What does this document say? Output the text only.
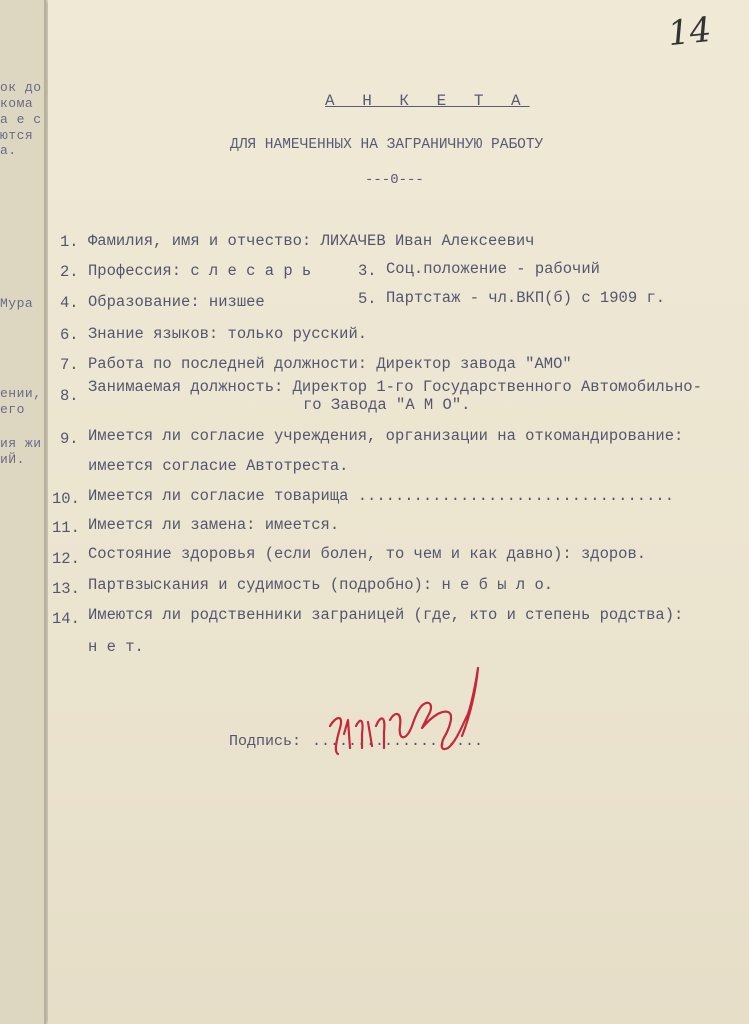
ок до
кома
а е с
ются
а.
Мура
ении,
его
ия жи
иЙ.
14
А Н К Е Т А
ДЛЯ НАМЕЧЕННЫХ НА ЗАГРАНИЧНУЮ РАБОТУ
---0---
1. Фамилия, имя и отчество: ЛИХАЧЕВ Иван Алексеевич
2. Профессия: с л е с а р ь	3. Соц.положение - рабочий
4. Образование: низшее	5. Партстаж - чл.ВКП(б) с 1909 г.
6. Знание языков: только русский.
7. Работа по последней должности: Директор завода "АМО"
8. Занимаемая должность: Директор 1-го Государственного Автомобильно-
го Завода "А М О".
9. Имеется ли согласие учреждения, организации на откомандирование:
имеется согласие Автотреста.
10. Имеется ли согласие товарища ..................................
11. Имеется ли замена: имеется.
12. Состояние здоровья (если болен, то чем и как давно): здоров.
13. Партвзыскания и судимость (подробно): н е б ы л о.
14. Имеются ли родственники заграницей (где, кто и степень родства):
н е т.
Подпись: ...................
